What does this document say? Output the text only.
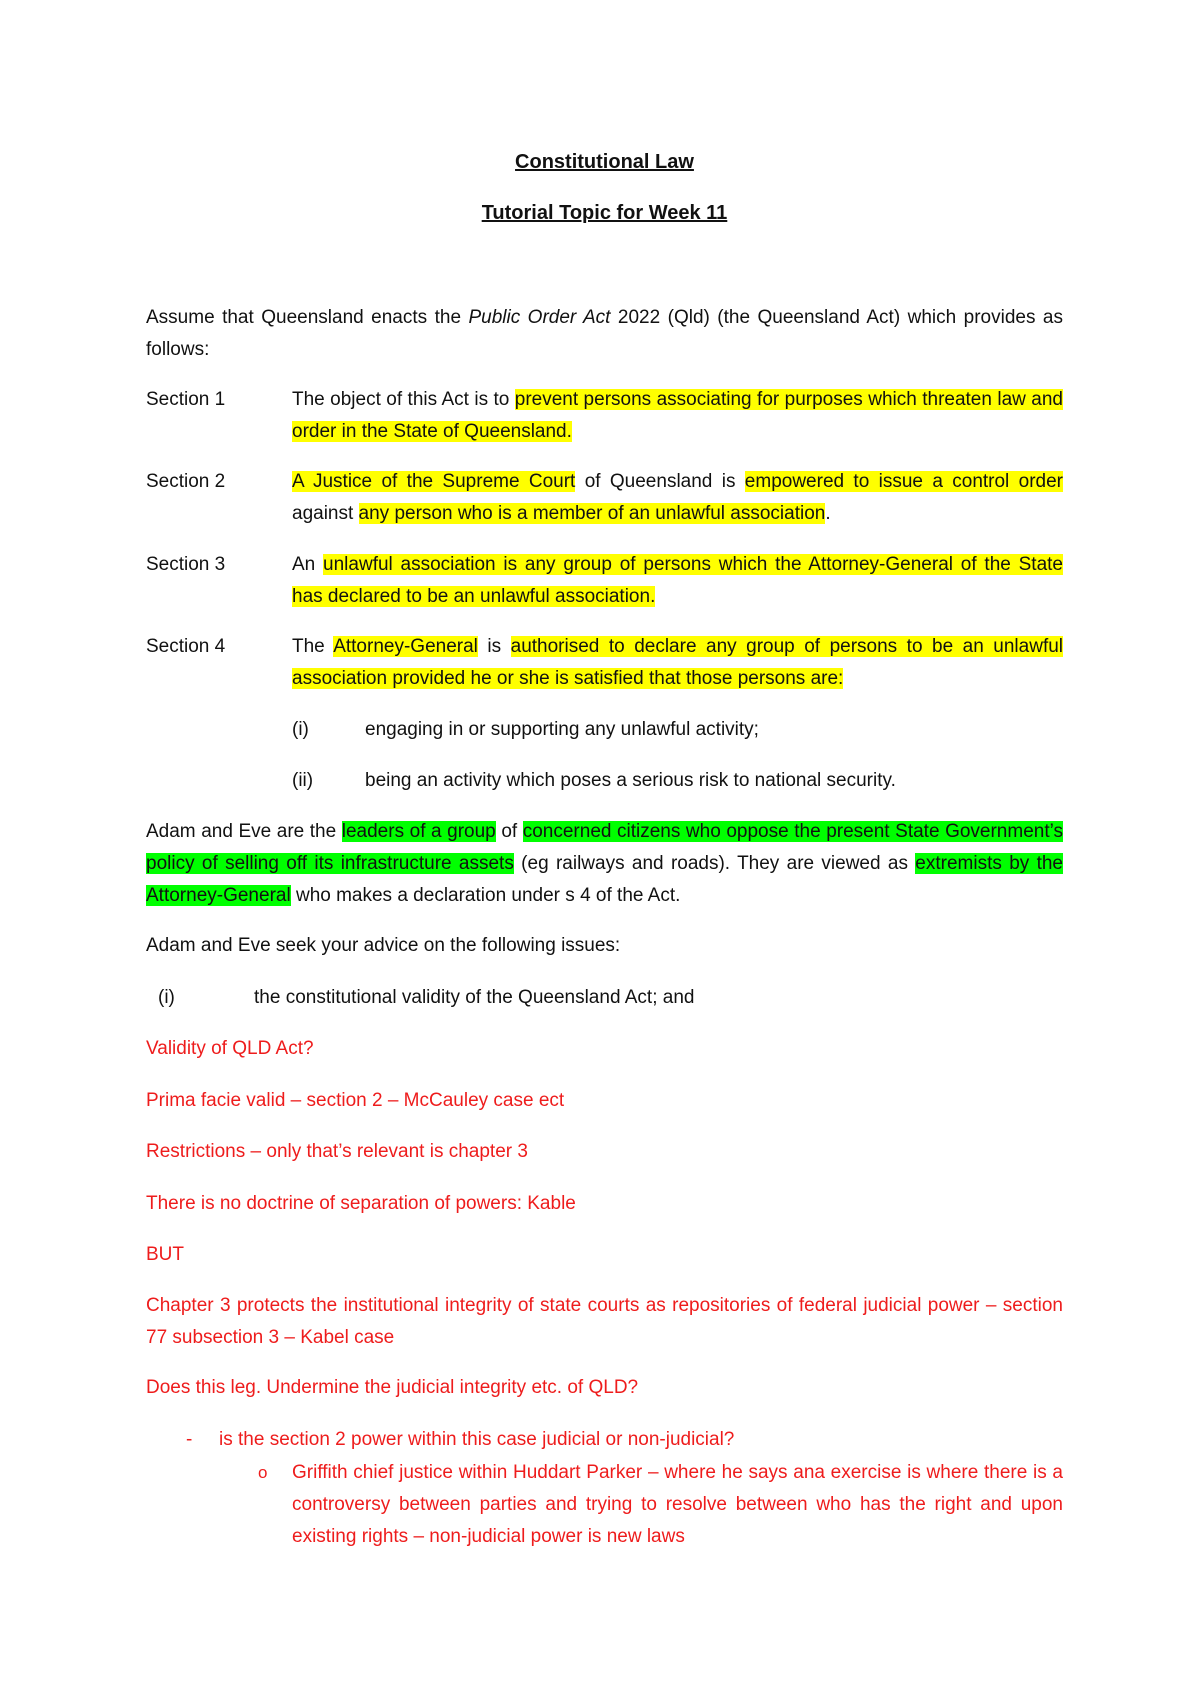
Constitutional Law
Tutorial Topic for Week 11
Assume that Queensland enacts the Public Order Act 2022 (Qld) (the Queensland Act) which provides as follows:
Section 1	The object of this Act is to prevent persons associating for purposes which threaten law and order in the State of Queensland.
Section 2	A Justice of the Supreme Court of Queensland is empowered to issue a control order against any person who is a member of an unlawful association.
Section 3	An unlawful association is any group of persons which the Attorney-General of the State has declared to be an unlawful association.
Section 4	The Attorney-General is authorised to declare any group of persons to be an unlawful association provided he or she is satisfied that those persons are:
(i)	engaging in or supporting any unlawful activity;
(ii)	being an activity which poses a serious risk to national security.
Adam and Eve are the leaders of a group of concerned citizens who oppose the present State Government’s policy of selling off its infrastructure assets (eg railways and roads). They are viewed as extremists by the Attorney-General who makes a declaration under s 4 of the Act.
Adam and Eve seek your advice on the following issues:
(i)	the constitutional validity of the Queensland Act; and
Validity of QLD Act?
Prima facie valid – section 2 – McCauley case ect
Restrictions – only that’s relevant is chapter 3
There is no doctrine of separation of powers: Kable
BUT
Chapter 3 protects the institutional integrity of state courts as repositories of federal judicial power – section 77 subsection 3 – Kabel case
Does this leg. Undermine the judicial integrity etc. of QLD?
- is the section 2 power within this case judicial or non-judicial?
o Griffith chief justice within Huddart Parker – where he says ana exercise is where there is a controversy between parties and trying to resolve between who has the right and upon existing rights – non-judicial power is new laws
